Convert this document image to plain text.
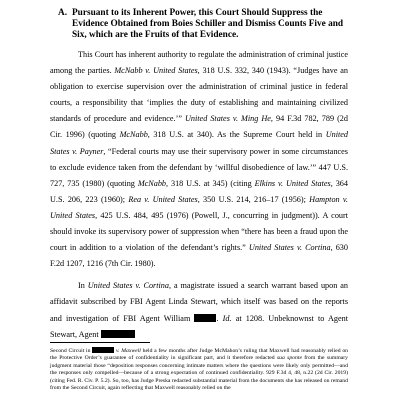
A. Pursuant to its Inherent Power, this Court Should Suppress the Evidence Obtained from Boies Schiller and Dismiss Counts Five and Six, which are the Fruits of that Evidence.

This Court has inherent authority to regulate the administration of criminal justice among the parties. McNabb v. United States, 318 U.S. 332, 340 (1943). “Judges have an obligation to exercise supervision over the administration of criminal justice in federal courts, a responsibility that ‘implies the duty of establishing and maintaining civilized standards of procedure and evidence.’” United States v. Ming He, 94 F.3d 782, 789 (2d Cir. 1996) (quoting McNabb, 318 U.S. at 340). As the Supreme Court held in United States v. Payner, “Federal courts may use their supervisory power in some circumstances to exclude evidence taken from the defendant by ‘willful disobedience of law.’” 447 U.S. 727, 735 (1980) (quoting McNabb, 318 U.S. at 345) (citing Elkins v. United States, 364 U.S. 206, 223 (1960); Rea v. United States, 350 U.S. 214, 216–17 (1956); Hampton v. United States, 425 U.S. 484, 495 (1976) (Powell, J., concurring in judgment)). A court should invoke its supervisory power of suppression when “there has been a fraud upon the court in addition to a violation of the defendant’s rights.” United States v. Cortina, 630 F.2d 1207, 1216 (7th Cir. 1980).

In United States v. Cortina, a magistrate issued a search warrant based upon an affidavit subscribed by FBI Agent Linda Stewart, which itself was based on the reports and investigation of FBI Agent William	. Id. at 1208. Unbeknownst to Agent Stewart, Agent

Second Circuit in	v. Maxwell held a few months after Judge McMahon’s ruling that Maxwell had reasonably relied on the Protective Order’s guarantee of confidentiality in significant part, and it therefore redacted sua sponte from the summary judgment material those “deposition responses concerning intimate matters where the questions were likely only permitted—and the responses only compelled—because of a strong expectation of continued confidentiality. 929 F.3d 4, 48, n.22 (2d Cir. 2019) (citing Fed. R. Civ. P. 5.2). So, too, has Judge Preska redacted substantial material from the documents she has released on remand from the Second Circuit, again reflecting that Maxwell reasonably relied on the
